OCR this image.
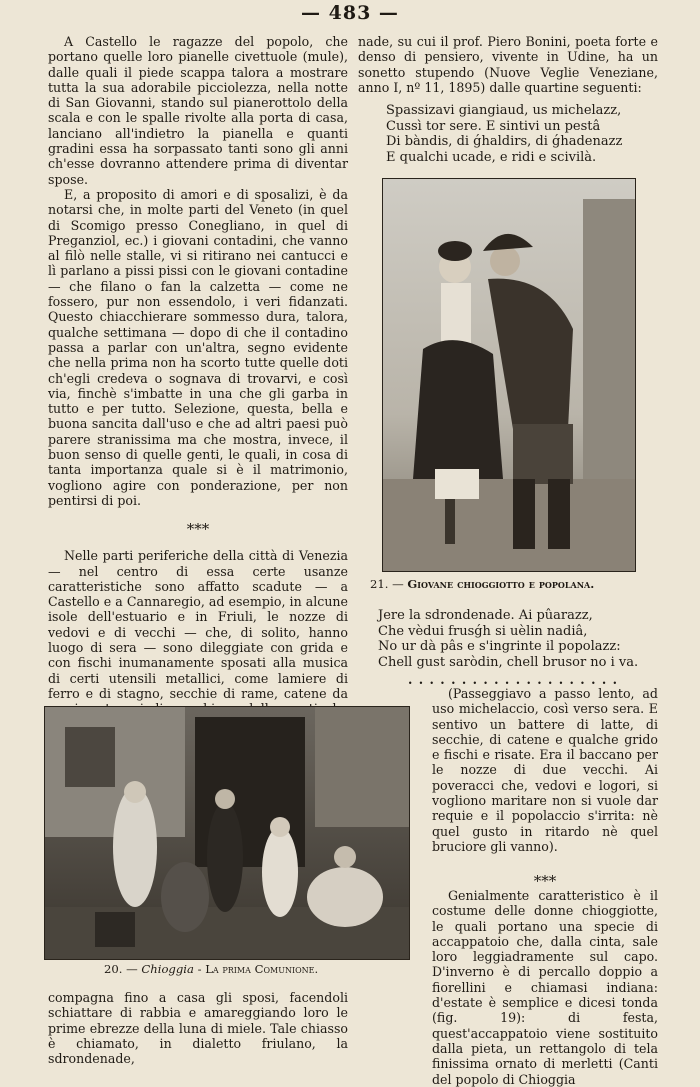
— 483 —

A Castello le ragazze del popolo, che portano quelle loro pianelle civettuole (mule), dalle quali il piede scappa talora a mostrare tutta la sua adorabile picciolezza, nella notte di San Giovanni, stando sul pianerottolo della scala e con le spalle rivolte alla porta di casa, lanciano all'indietro la pianella e quanti gradini essa ha sorpassato tanti sono gli anni ch'esse dovranno attendere prima di diventar spose.

E, a proposito di amori e di sposalizi, è da notarsi che, in molte parti del Veneto (in quel di Scomigo presso Conegliano, in quel di Preganziol, ec.) i giovani contadini, che vanno al filò nelle stalle, vi si ritirano nei cantucci e lì parlano a pissi pissi con le giovani contadine — che filano o fan la calzetta — come ne fossero, pur non essendolo, i veri fidanzati. Questo chiacchierare sommesso dura, talora, qualche settimana — dopo di che il contadino passa a parlar con un'altra, segno evidente che nella prima non ha scorto tutte quelle doti ch'egli credeva o sognava di trovarvi, e così via, finchè s'imbatte in una che gli garba in tutto e per tutto. Selezione, questa, bella e buona sancita dall'uso e che ad altri paesi può parere stranissima ma che mostra, invece, il buon senso di quelle genti, le quali, in cosa di tanta importanza quale si è il matrimonio, vogliono agire con ponderazione, per non pentirsi di poi.

***

Nelle parti periferiche della città di Venezia — nel centro di essa certe usanze caratteristiche sono affatto scadute — a Castello e a Cannaregio, ad esempio, in alcune isole dell'estuario e in Friuli, le nozze di vedovi e di vecchi — che, di solito, hanno luogo di sera — sono dileggiate con grida e con fischi inumanamente sposati alla musica di certi utensili metallici, come lamiere di ferro e di stagno, secchie di rame, catene da

20. — Chioggia - La prima Comunione.

compagna fino a casa gli sposi, facendoli schiattare di rabbia e amareggiando loro le prime ebrezze della luna di miele. Tale chiasso è chiamato, in dialetto friulano, la sdrondenade,

nade, su cui il prof. Piero Bonini, poeta forte e denso di pensiero, vivente in Udine, ha un sonetto stupendo (Nuove Veglie Veneziane, anno I, nº 11, 1895) dalle quartine seguenti:

Spassizavi giangiaud, us michelazz,
Cussì tor sere. E sintivi un pestâ
Di bàndis, di ǵhaldirs, di ǵhadenazz
E qualchi ucade, e ridi e scivilà.
21. — Giovane chioggiotto e popolana.
Jere la sdrondenade. Ai pûarazz,
Che vèdui frusǵh si uèlin nadiâ,
No ur dà pâs e s'ingrinte il popolazz:
Chell gust saròdin, chell brusor no i va.
. . . . . . . . . . . . . . . . . . . .

(Passeggiavo a passo lento, ad uso michelaccio, così verso sera. E sentivo un battere di latte, di secchie, di catene e qualche grido e fischi e risate. Era il baccano per le nozze di due vecchi. Ai poveracci che, vedovi e logori, si vogliono maritare non si vuole dar requie e il popolaccio s'irrita: nè quel gusto in ritardo nè quel bruciore gli vanno).

***

Genialmente caratteristico è il costume delle donne chioggiotte, le quali portano una specie di accappatoio che, dalla cinta, sale loro leggiadramente sul capo. D'inverno è di percallo doppio a fiorellini e chiamasi indiana: d'estate è semplice e dicesi tonda (fig. 19): di festa, quest'accappatoio viene sostituito dalla pieta, un rettangolo di tela finissima ornato di merletti (Canti del popolo di Chioggia
